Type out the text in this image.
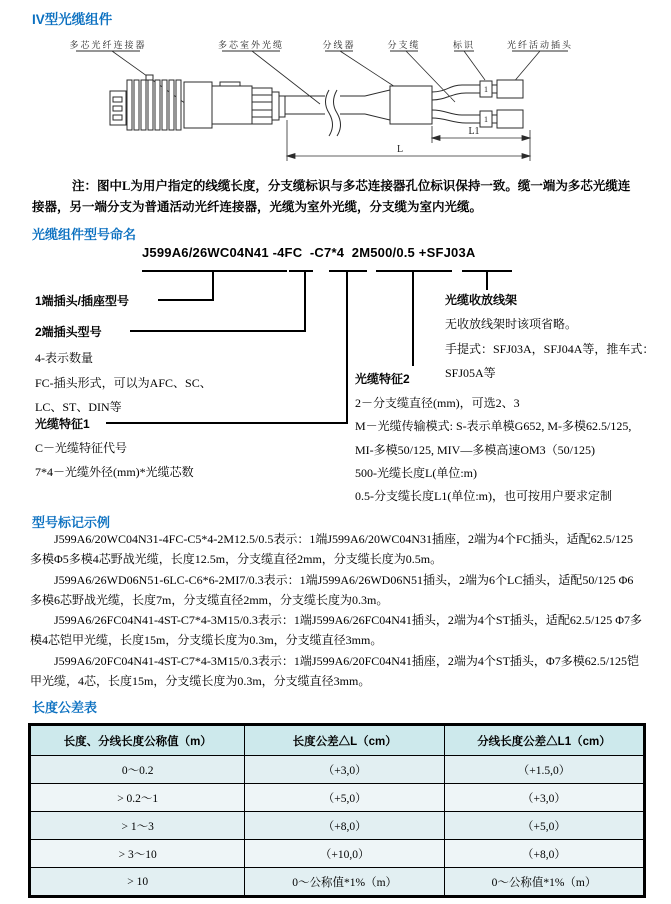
IV型光缆组件
多芯光纤连接器	多芯室外光缆	分线器	分支缆	标识	光纤活动插头
1
1
L1
L

注：图中L为用户指定的线缆长度，分支缆标识与多芯连接器孔位标识保持一致。缆一端为多芯光缆连接器，另一端分支为普通活动光纤连接器，光缆为室外光缆，分支缆为室内光缆。

光缆组件型号命名
J599A6/26WC04N41 -4FC  -C7*4  2M500/0.5 +SFJ03A
1端插头/插座型号
2端插头型号
4-表示数量
FC-插头形式，可以为AFC、SC、
LC、ST、DIN等
光缆特征1
C－光缆特征代号
7*4－光缆外径(mm)*光缆芯数
光缆特征2
2－分支缆直径(mm)，可选2、3
M－光缆传输模式: S-表示单模G652, M-多模62.5/125,
MI-多模50/125, MIV—多模高速OM3（50/125)
500-光缆长度L(单位:m)
0.5-分支缆长度L1(单位:m)，也可按用户要求定制
光缆收放线架
无收放线架时该项省略。
手提式：SFJ03A，SFJ04A等，推车式：
SFJ05A等
型号标记示例

J599A6/20WC04N31-4FC-C5*4-2M12.5/0.5表示：1端J599A6/20WC04N31插座，2端为4个FC插头，适配62.5/125多模Φ5多模4芯野战光缆，长度12.5m，分支缆直径2mm，分支缆长度为0.5m。

J599A6/26WD06N51-6LC-C6*6-2MI7/0.3表示：1端J599A6/26WD06N51插头，2端为6个LC插头，适配50/125 Φ6多模6芯野战光缆，长度7m，分支缆直径2mm，分支缆长度为0.3m。

J599A6/26FC04N41-4ST-C7*4-3M15/0.3表示：1端J599A6/26FC04N41插头，2端为4个ST插头，适配62.5/125 Φ7多模4芯铠甲光缆，长度15m，分支缆长度为0.3m，分支缆直径3mm。

J599A6/20FC04N41-4ST-C7*4-3M15/0.3表示：1端J599A6/20FC04N41插座，2端为4个ST插头，Φ7多模62.5/125铠甲光缆，4芯，长度15m，分支缆长度为0.3m，分支缆直径3mm。

长度公差表
长度、分线长度公称值（m）	长度公差△L（cm）	分线长度公差△L1（cm）
0～0.2	（+3,0）	（+1.5,0）
> 0.2～1	（+5,0）	（+3,0）
> 1～3	（+8,0）	（+5,0）
> 3～10	（+10,0）	（+8,0）
> 10	0～公称值*1%（m）	0～公称值*1%（m）
